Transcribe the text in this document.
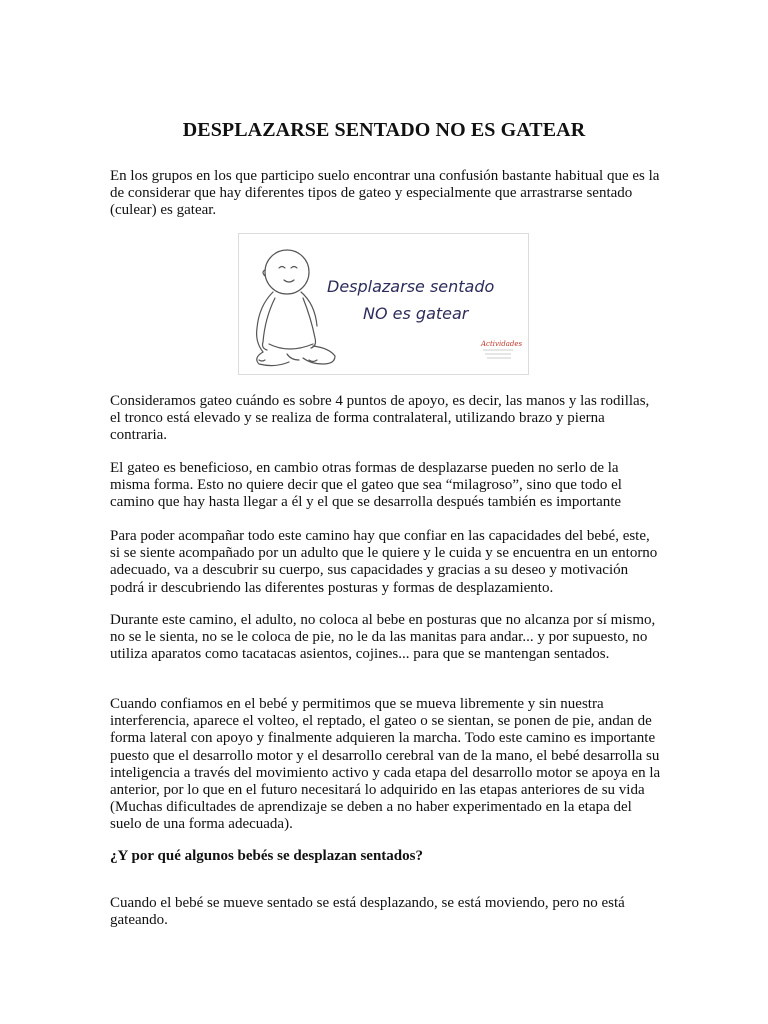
DESPLAZARSE SENTADO NO ES GATEAR

En los grupos en los que participo suelo encontrar una confusión bastante habitual que es la de considerar que hay diferentes tipos de gateo y especialmente que arrastrarse sentado (culear) es gatear.

Consideramos gateo cuándo es sobre 4 puntos de apoyo, es decir, las manos y las rodillas, el tronco está elevado y se realiza de forma contralateral, utilizando brazo y pierna contraria.

El gateo es beneficioso, en cambio otras formas de desplazarse pueden no serlo de la misma forma. Esto no quiere decir que el gateo que sea “milagroso”, sino que todo el camino que hay hasta llegar a él y el que se desarrolla después también es importante

Para poder acompañar todo este camino hay que confiar en las capacidades del bebé, este, si se siente acompañado por un adulto que le quiere y le cuida y se encuentra en un entorno adecuado, va a descubrir su cuerpo, sus capacidades y gracias a su deseo y motivación podrá ir descubriendo las diferentes posturas y formas de desplazamiento.

Durante este camino, el adulto, no coloca al bebe en posturas que no alcanza por sí mismo, no se le sienta, no se le coloca de pie, no le da las manitas para andar... y por supuesto, no utiliza aparatos como tacatacas asientos, cojines... para que se mantengan sentados.

Cuando confiamos en el bebé y permitimos que se mueva libremente y sin nuestra interferencia, aparece el volteo, el reptado, el gateo o se sientan, se ponen de pie, andan de forma lateral con apoyo y finalmente adquieren la marcha. Todo este camino es importante puesto que el desarrollo motor y el desarrollo cerebral van de la mano, el bebé desarrolla su inteligencia a través del movimiento activo y cada etapa del desarrollo motor se apoya en la anterior, por lo que en el futuro necesitará lo adquirido en las etapas anteriores de su vida (Muchas dificultades de aprendizaje se deben a no haber experimentado en la etapa del suelo de una forma adecuada).

¿Y por qué algunos bebés se desplazan sentados?

Cuando el bebé se mueve sentado se está desplazando, se está moviendo, pero no está gateando.

Desplazarse sentado
NO es gatear
Actividades
